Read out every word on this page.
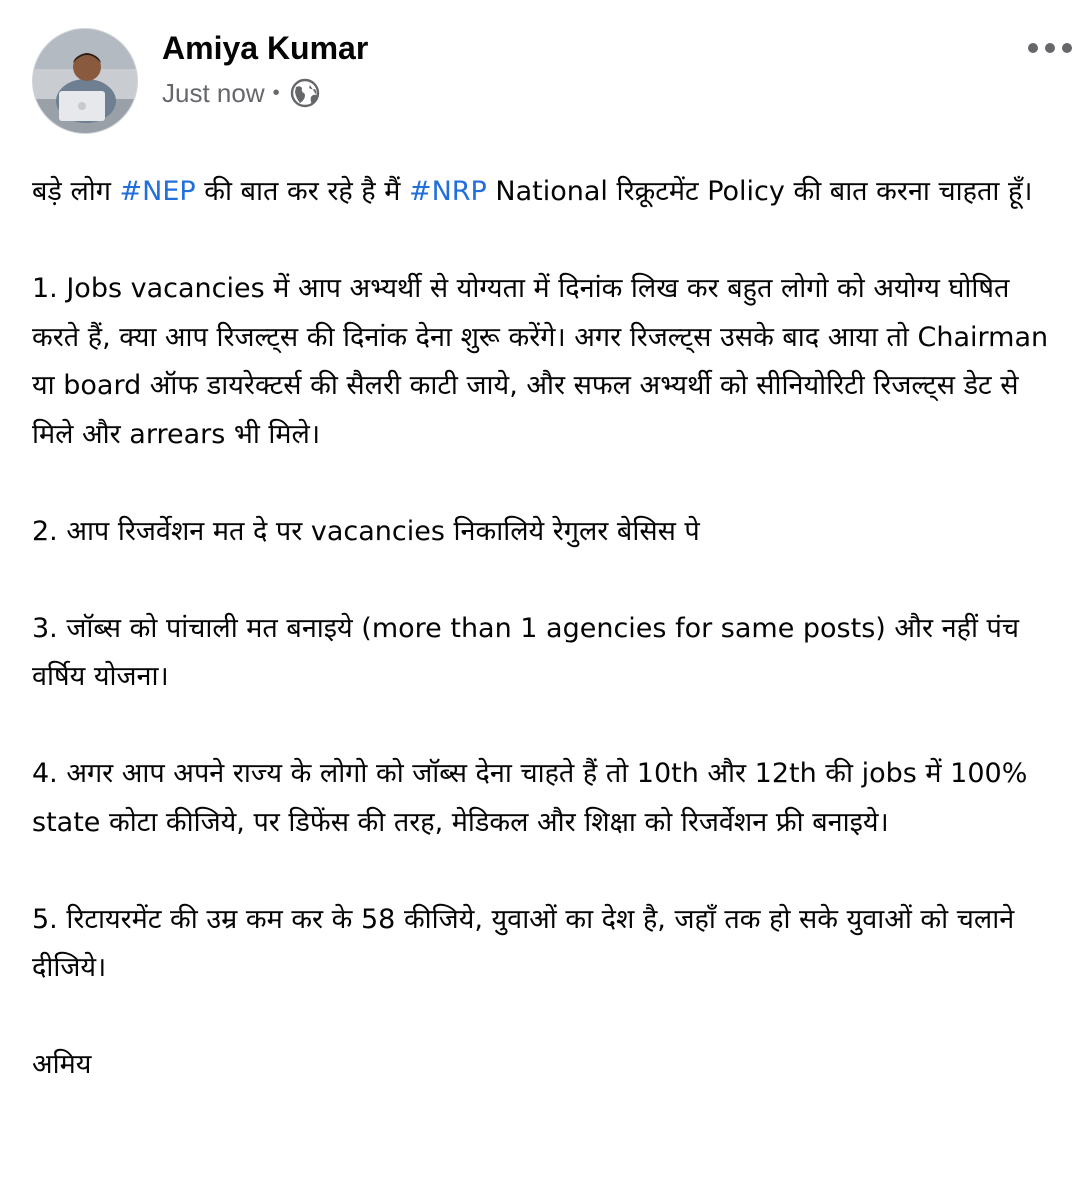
Amiya Kumar
Just now •

बड़े लोग #NEP की बात कर रहे है मैं #NRP National रिक्रूटमेंट Policy की बात करना चाहता हूँ।

1. Jobs vacancies में आप अभ्यर्थी से योग्यता में दिनांक लिख कर बहुत लोगो को अयोग्य घोषित करते हैं, क्या आप रिजल्ट्स की दिनांक देना शुरू करेंगे। अगर रिजल्ट्स उसके बाद आया तो Chairman या board ऑफ डायरेक्टर्स की सैलरी काटी जाये, और सफल अभ्यर्थी को सीनियोरिटी रिजल्ट्स डेट से मिले और arrears भी मिले।

2. आप रिजर्वेशन मत दे पर vacancies निकालिये रेगुलर बेसिस पे

3. जॉब्स को पांचाली मत बनाइये (more than 1 agencies for same posts) और नहीं पंच वर्षिय योजना।

4. अगर आप अपने राज्य के लोगो को जॉब्स देना चाहते हैं तो 10th और 12th की jobs में 100% state कोटा कीजिये, पर डिफेंस की तरह, मेडिकल और शिक्षा को रिजर्वेशन फ्री बनाइये।

5. रिटायरमेंट की उम्र कम कर के 58 कीजिये, युवाओं का देश है, जहाँ तक हो सके युवाओं को चलाने दीजिये।

अमिय
